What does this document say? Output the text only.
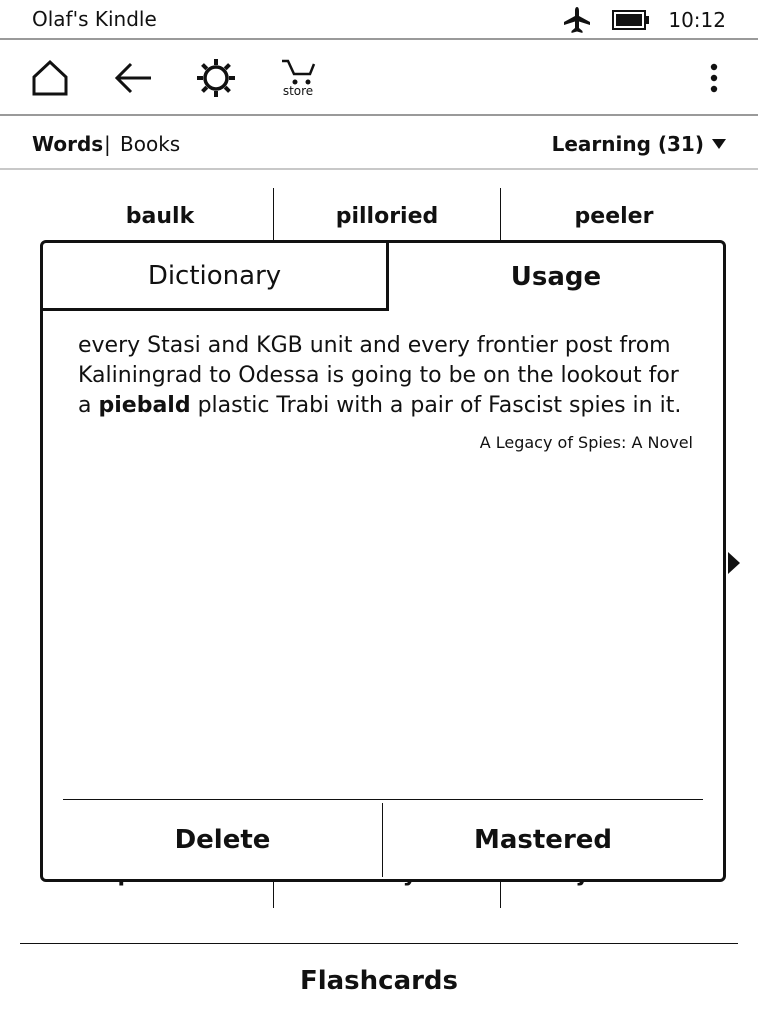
Olaf's Kindle	10:12
store
Words | Books	Learning (31)
baulk	pilloried	peeler
Dictionary	Usage
every Stasi and KGB unit and every frontier post from Kaliningrad to Odessa is going to be on the lookout for a piebald plastic Trabi with a pair of Fascist spies in it.
A Legacy of Spies: A Novel
Delete	Mastered
Flashcards
